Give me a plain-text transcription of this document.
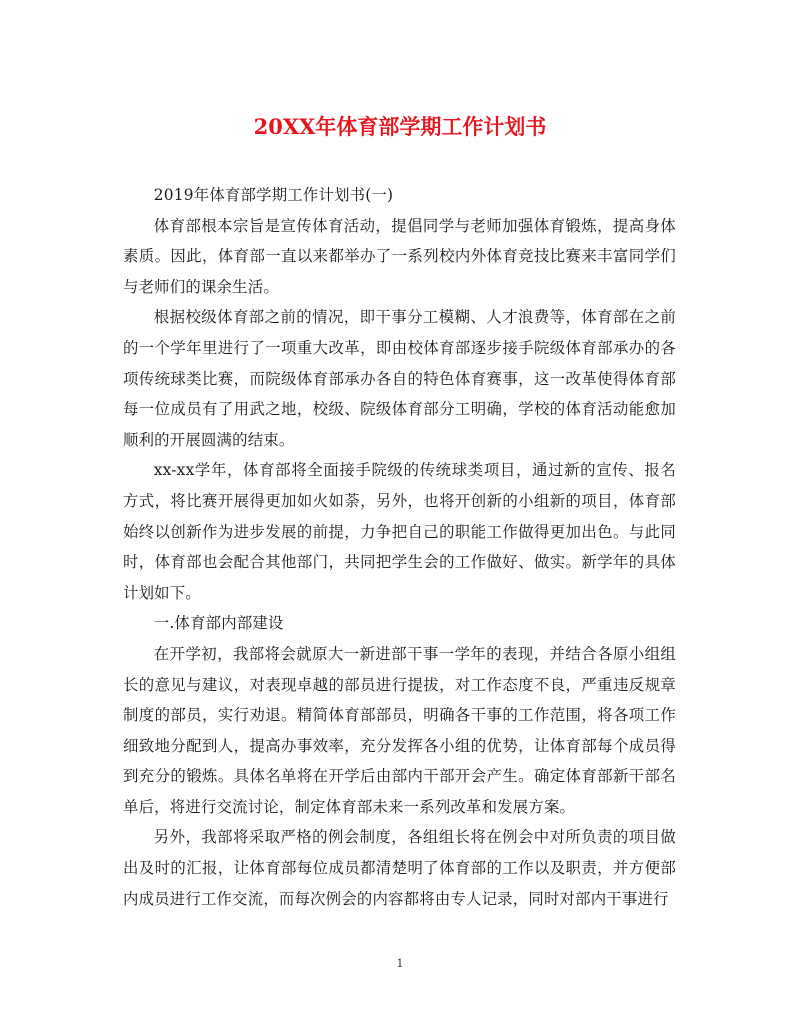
20XX年体育部学期工作计划书

2019年体育部学期工作计划书(一)

体育部根本宗旨是宣传体育活动，提倡同学与老师加强体育锻炼，提高身体素质。因此，体育部一直以来都举办了一系列校内外体育竞技比赛来丰富同学们与老师们的课余生活。

根据校级体育部之前的情况，即干事分工模糊、人才浪费等，体育部在之前的一个学年里进行了一项重大改革，即由校体育部逐步接手院级体育部承办的各项传统球类比赛，而院级体育部承办各自的特色体育赛事，这一改革使得体育部每一位成员有了用武之地，校级、院级体育部分工明确，学校的体育活动能愈加顺利的开展圆满的结束。

xx-xx学年，体育部将全面接手院级的传统球类项目，通过新的宣传、报名方式，将比赛开展得更加如火如荼，另外，也将开创新的小组新的项目，体育部始终以创新作为进步发展的前提，力争把自己的职能工作做得更加出色。与此同时，体育部也会配合其他部门，共同把学生会的工作做好、做实。新学年的具体计划如下。

一.体育部内部建设

在开学初，我部将会就原大一新进部干事一学年的表现，并结合各原小组组长的意见与建议，对表现卓越的部员进行提拔，对工作态度不良，严重违反规章制度的部员，实行劝退。精简体育部部员，明确各干事的工作范围，将各项工作细致地分配到人，提高办事效率，充分发挥各小组的优势，让体育部每个成员得到充分的锻炼。具体名单将在开学后由部内干部开会产生。确定体育部新干部名单后，将进行交流讨论，制定体育部未来一系列改革和发展方案。

另外，我部将采取严格的例会制度，各组组长将在例会中对所负责的项目做出及时的汇报，让体育部每位成员都清楚明了体育部的工作以及职责，并方便部内成员进行工作交流，而每次例会的内容都将由专人记录，同时对部内干事进行

1
